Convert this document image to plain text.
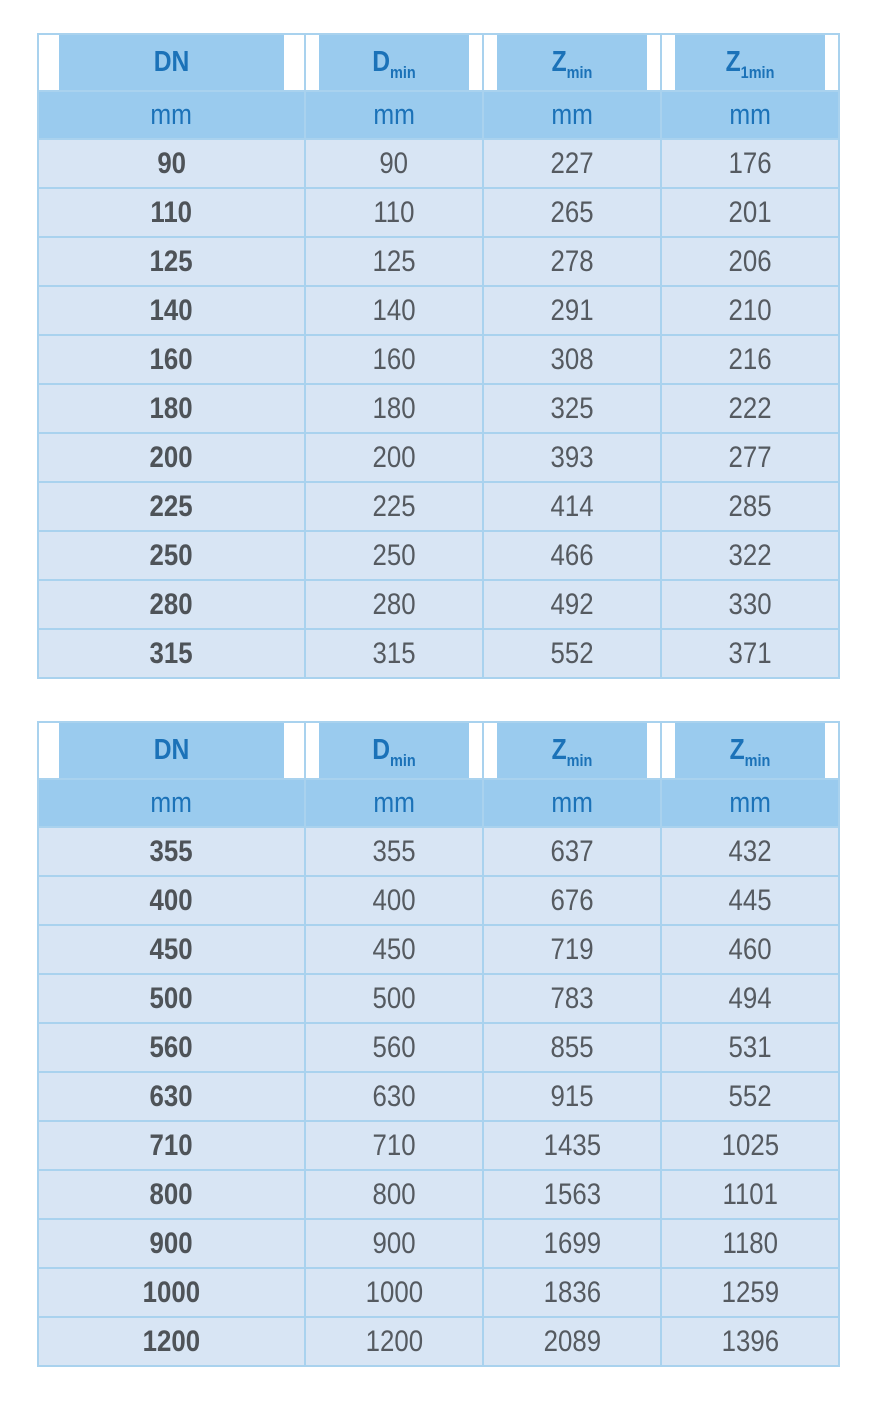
DN	$D_{min}$	$Z_{min}$	$Z_{1min}$
mm	mm	mm	mm
90	90	227	176
110	110	265	201
125	125	278	206
140	140	291	210
160	160	308	216
180	180	325	222
200	200	393	277
225	225	414	285
250	250	466	322
280	280	492	330
315	315	552	371
DN	$D_{min}$	$Z_{min}$	$Z_{min}$
mm	mm	mm	mm
355	355	637	432
400	400	676	445
450	450	719	460
500	500	783	494
560	560	855	531
630	630	915	552
710	710	1435	1025
800	800	1563	1101
900	900	1699	1180
1000	1000	1836	1259
1200	1200	2089	1396
